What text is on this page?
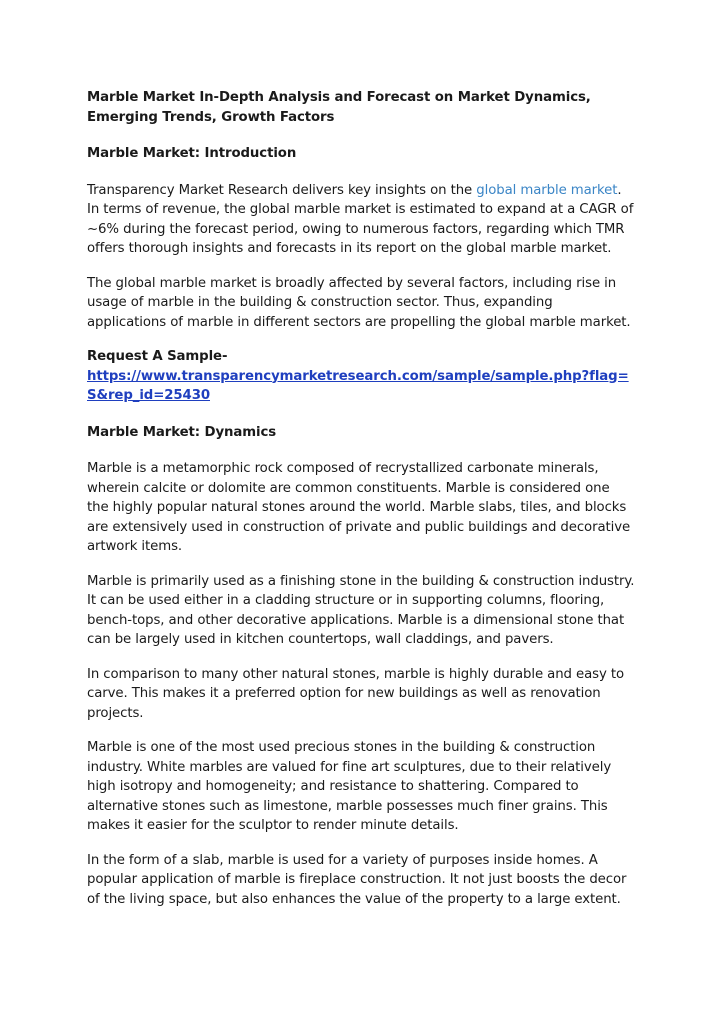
Marble Market In-Depth Analysis and Forecast on Market Dynamics, Emerging Trends, Growth Factors

Marble Market: Introduction

Transparency Market Research delivers key insights on the global marble market. In terms of revenue, the global marble market is estimated to expand at a CAGR of ~6% during the forecast period, owing to numerous factors, regarding which TMR offers thorough insights and forecasts in its report on the global marble market.

The global marble market is broadly affected by several factors, including rise in usage of marble in the building & construction sector. Thus, expanding applications of marble in different sectors are propelling the global marble market.

Request A Sample-
https://www.transparencymarketresearch.com/sample/sample.php?flag=S&rep_id=25430

Marble Market: Dynamics

Marble is a metamorphic rock composed of recrystallized carbonate minerals, wherein calcite or dolomite are common constituents. Marble is considered one the highly popular natural stones around the world. Marble slabs, tiles, and blocks are extensively used in construction of private and public buildings and decorative artwork items.

Marble is primarily used as a finishing stone in the building & construction industry. It can be used either in a cladding structure or in supporting columns, flooring, bench-tops, and other decorative applications. Marble is a dimensional stone that can be largely used in kitchen countertops, wall claddings, and pavers.

In comparison to many other natural stones, marble is highly durable and easy to carve. This makes it a preferred option for new buildings as well as renovation projects.

Marble is one of the most used precious stones in the building & construction industry. White marbles are valued for fine art sculptures, due to their relatively high isotropy and homogeneity; and resistance to shattering. Compared to alternative stones such as limestone, marble possesses much finer grains. This makes it easier for the sculptor to render minute details.

In the form of a slab, marble is used for a variety of purposes inside homes. A popular application of marble is fireplace construction. It not just boosts the decor of the living space, but also enhances the value of the property to a large extent.
